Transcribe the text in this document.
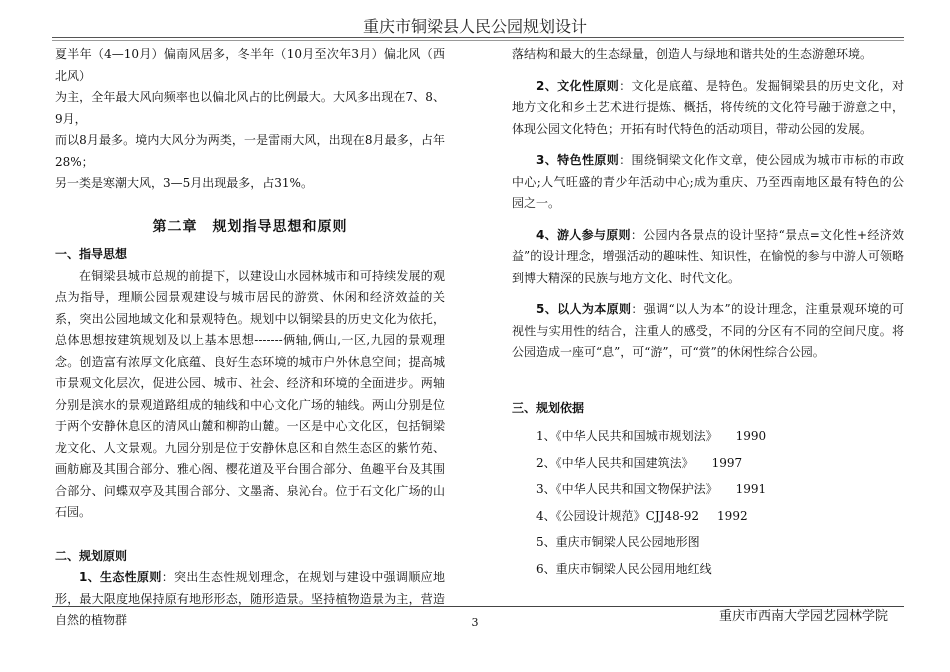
重庆市铜梁县人民公园规划设计

夏半年（4—10月）偏南风居多，冬半年（10月至次年3月）偏北风（西北风）

为主，全年最大风向频率也以偏北风占的比例最大。大风多出现在7、8、9月，

而以8月最多。境内大风分为两类，一是雷雨大风，出现在8月最多，占年28%；

另一类是寒潮大风，3—5月出现最多，占31%。

第二章　规划指导思想和原则
一、指导思想

在铜梁县城市总规的前提下，以建设山水园林城市和可持续发展的观点为指导，理顺公园景观建设与城市居民的游赏、休闲和经济效益的关系，突出公园地域文化和景观特色。规划中以铜梁县的历史文化为依托，总体思想按建筑规划及以上基本思想-------俩轴,俩山,一区,九园的景观理念。创造富有浓厚文化底蕴、良好生态环境的城市户外休息空间；提高城市景观文化层次，促进公园、城市、社会、经济和环境的全面进步。两轴分别是滨水的景观道路组成的轴线和中心文化广场的轴线。两山分别是位于两个安静休息区的清风山麓和柳韵山麓。一区是中心文化区，包括铜梁龙文化、人文景观。九园分别是位于安静休息区和自然生态区的紫竹苑、画舫廊及其围合部分、雅心阁、樱花道及平台围合部分、鱼趣平台及其围合部分、问蝶双亭及其围合部分、文墨斋、泉沁台。位于石文化广场的山石园。

二、规划原则

1、生态性原则：突出生态性规划理念，在规划与建设中强调顺应地形，最大限度地保持原有地形形态，随形造景。坚持植物造景为主，营造自然的植物群

落结构和最大的生态绿量，创造人与绿地和谐共处的生态游憩环境。

2、文化性原则：文化是底蕴、是特色。发掘铜梁县的历史文化，对地方文化和乡土艺术进行提炼、概括，将传统的文化符号融于游意之中，体现公园文化特色；开拓有时代特色的活动项目，带动公园的发展。

3、特色性原则：围绕铜梁文化作文章，使公园成为城市市标的市政中心;人气旺盛的青少年活动中心;成为重庆、乃至西南地区最有特色的公园之一。

4、游人参与原则：公园内各景点的设计坚持“景点=文化性+经济效益”的设计理念，增强活动的趣味性、知识性，在愉悦的参与中游人可领略到博大精深的民族与地方文化、时代文化。

5、以人为本原则：强调“以人为本”的设计理念，注重景观环境的可视性与实用性的结合，注重人的感受，不同的分区有不同的空间尺度。将公园造成一座可“息”，可“游”，可“赏”的休闲性综合公园。

三、规划依据
1、《中华人民共和国城市规划法》 1990
2、《中华人民共和国建筑法》 1997
3、《中华人民共和国文物保护法》 1991
4、《公园设计规范》CJJ48-92 1992
5、重庆市铜梁人民公园地形图
6、重庆市铜梁人民公园用地红线
3	重庆市西南大学园艺园林学院
